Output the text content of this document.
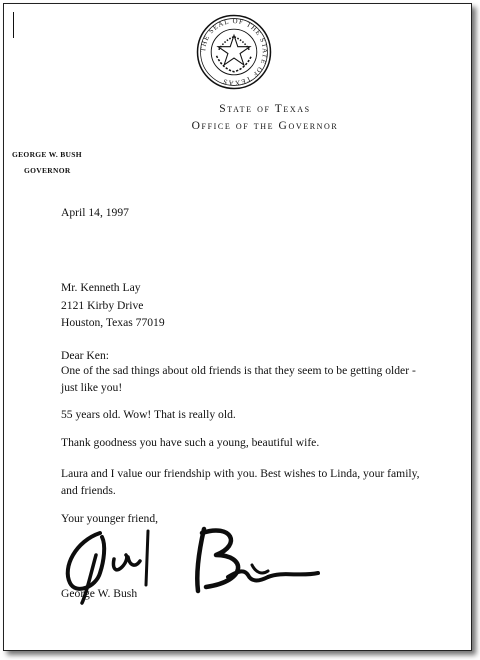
THE SEAL OF THE STATE OF TEXAS
State of Texas
Office of the Governor
GEORGE W. BUSH
GOVERNOR
April 14, 1997
Mr. Kenneth Lay
2121 Kirby Drive
Houston, Texas 77019
Dear Ken:
One of the sad things about old friends is that they seem to be getting older - just like you!
55 years old. Wow! That is really old.
Thank goodness you have such a young, beautiful wife.
Laura and I value our friendship with you. Best wishes to Linda, your family, and friends.
Your younger friend,
George W. Bush
